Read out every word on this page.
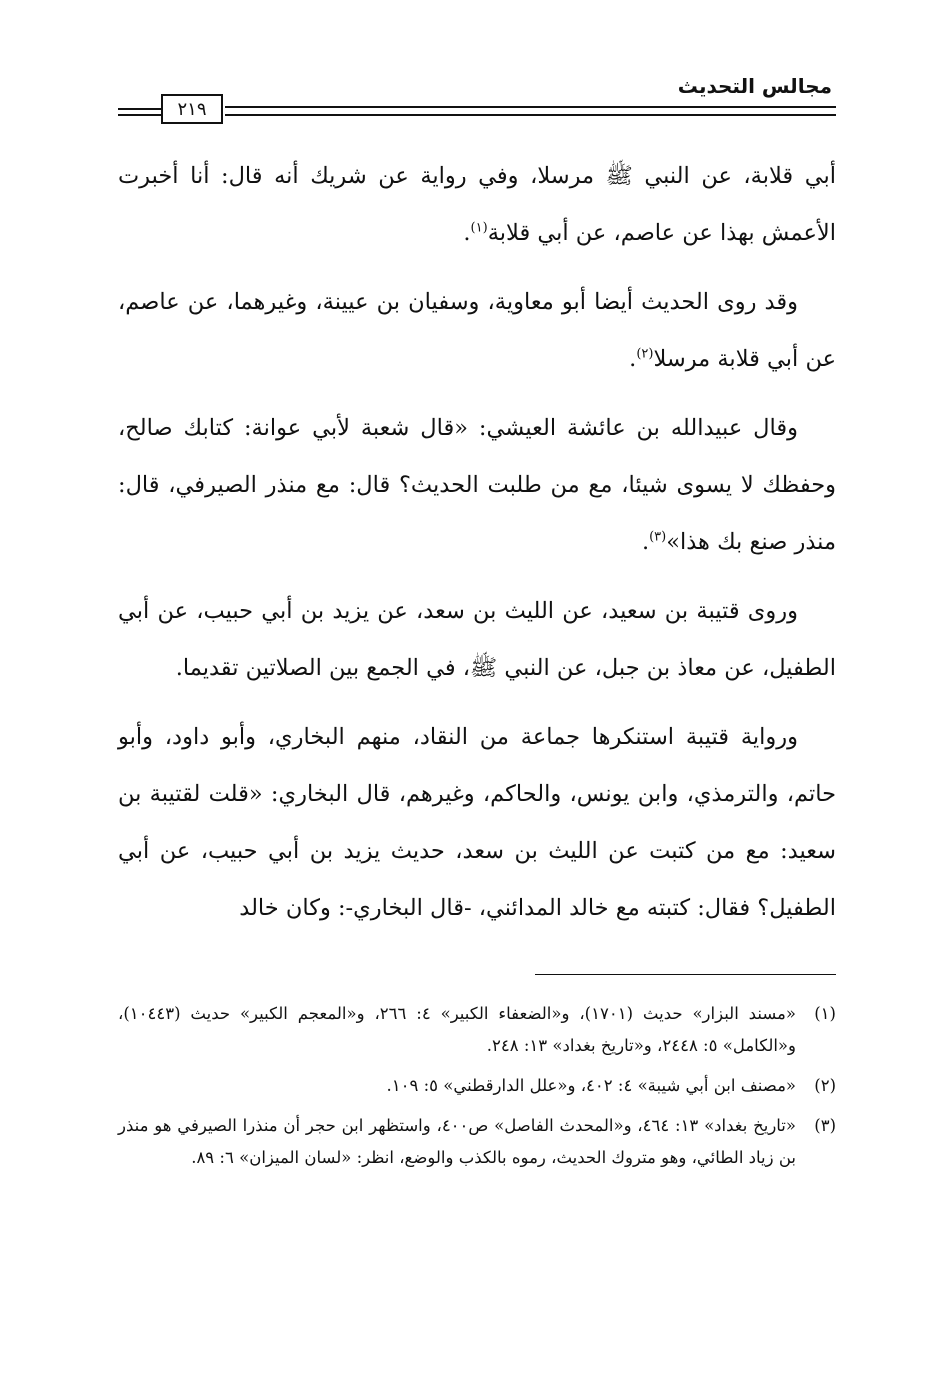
مجالس التحديث
٢١٩

أبي قلابة، عن النبي ﷺ مرسلا، وفي رواية عن شريك أنه قال: أنا أخبرت الأعمش بهذا عن عاصم، عن أبي قلابة$^{(١)}$.

وقد روى الحديث أيضا أبو معاوية، وسفيان بن عيينة، وغيرهما، عن عاصم، عن أبي قلابة مرسلا$^{(٢)}$.

وقال عبيدالله بن عائشة العيشي: «قال شعبة لأبي عوانة: كتابك صالح، وحفظك لا يسوى شيئا، مع من طلبت الحديث؟ قال: مع منذر الصيرفي، قال: منذر صنع بك هذا»$^{(٣)}$.

وروى قتيبة بن سعيد، عن الليث بن سعد، عن يزيد بن أبي حبيب، عن أبي الطفيل، عن معاذ بن جبل، عن النبي ﷺ، في الجمع بين الصلاتين تقديما.

ورواية قتيبة استنكرها جماعة من النقاد، منهم البخاري، وأبو داود، وأبو حاتم، والترمذي، وابن يونس، والحاكم، وغيرهم، قال البخاري: «قلت لقتيبة بن سعيد: مع من كتبت عن الليث بن سعد، حديث يزيد بن أبي حبيب، عن أبي الطفيل؟ فقال: كتبته مع خالد المدائني، -قال البخاري-: وكان خالد

(١)«مسند البزار» حديث (١٧٠١)، و«الضعفاء الكبير» ٤: ٢٦٦، و«المعجم الكبير» حديث (١٠٤٤٣)، و«الكامل» ٥: ٢٤٤٨، و«تاريخ بغداد» ١٣: ٢٤٨.

(٢)«مصنف ابن أبي شيبة» ٤: ٤٠٢، و«علل الدارقطني» ٥: ١٠٩.

(٣)«تاريخ بغداد» ١٣: ٤٦٤، و«المحدث الفاصل» ص٤٠٠، واستظهر ابن حجر أن منذرا الصيرفي هو منذر بن زياد الطائي، وهو متروك الحديث، رموه بالكذب والوضع، انظر: «لسان الميزان» ٦: ٨٩.
